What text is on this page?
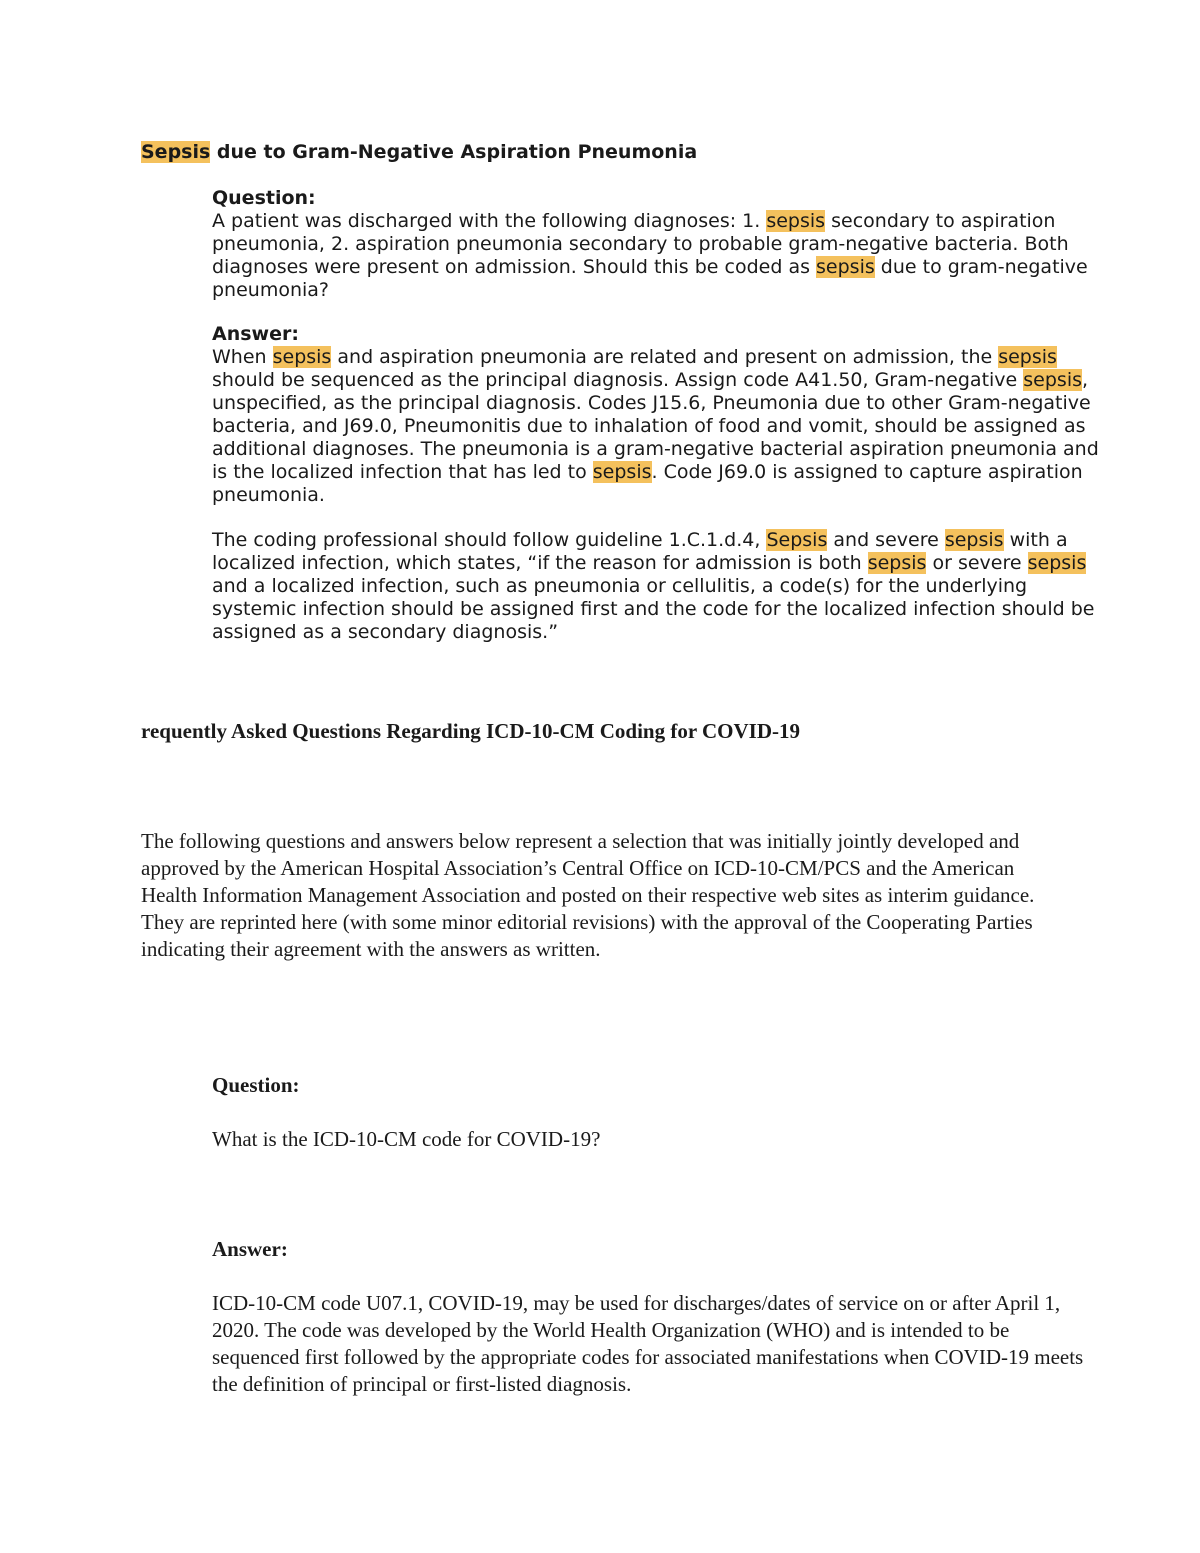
Sepsis due to Gram-Negative Aspiration Pneumonia

Question:

A patient was discharged with the following diagnoses: 1. sepsis secondary to aspiration pneumonia, 2. aspiration pneumonia secondary to probable gram-negative bacteria. Both diagnoses were present on admission. Should this be coded as sepsis due to gram-negative pneumonia?

Answer:

When sepsis and aspiration pneumonia are related and present on admission, the sepsis should be sequenced as the principal diagnosis. Assign code A41.50, Gram-negative sepsis, unspecified, as the principal diagnosis. Codes J15.6, Pneumonia due to other Gram-negative bacteria, and J69.0, Pneumonitis due to inhalation of food and vomit, should be assigned as additional diagnoses. The pneumonia is a gram-negative bacterial aspiration pneumonia and is the localized infection that has led to sepsis. Code J69.0 is assigned to capture aspiration pneumonia.

The coding professional should follow guideline 1.C.1.d.4, Sepsis and severe sepsis with a localized infection, which states, “if the reason for admission is both sepsis or severe sepsis and a localized infection, such as pneumonia or cellulitis, a code(s) for the underlying systemic infection should be assigned first and the code for the localized infection should be assigned as a secondary diagnosis.”

requently Asked Questions Regarding ICD-10-CM Coding for COVID-19
The following questions and answers below represent a selection that was initially jointly developed and approved by the American Hospital Association’s Central Office on ICD-10-CM/PCS and the American Health Information Management Association and posted on their respective web sites as interim guidance. They are reprinted here (with some minor editorial revisions) with the approval of the Cooperating Parties indicating their agreement with the answers as written.
Question:
What is the ICD-10-CM code for COVID-19?
Answer:
ICD-10-CM code U07.1, COVID-19, may be used for discharges/dates of service on or after April 1, 2020. The code was developed by the World Health Organization (WHO) and is intended to be sequenced first followed by the appropriate codes for associated manifestations when COVID-19 meets the definition of principal or first-listed diagnosis.
